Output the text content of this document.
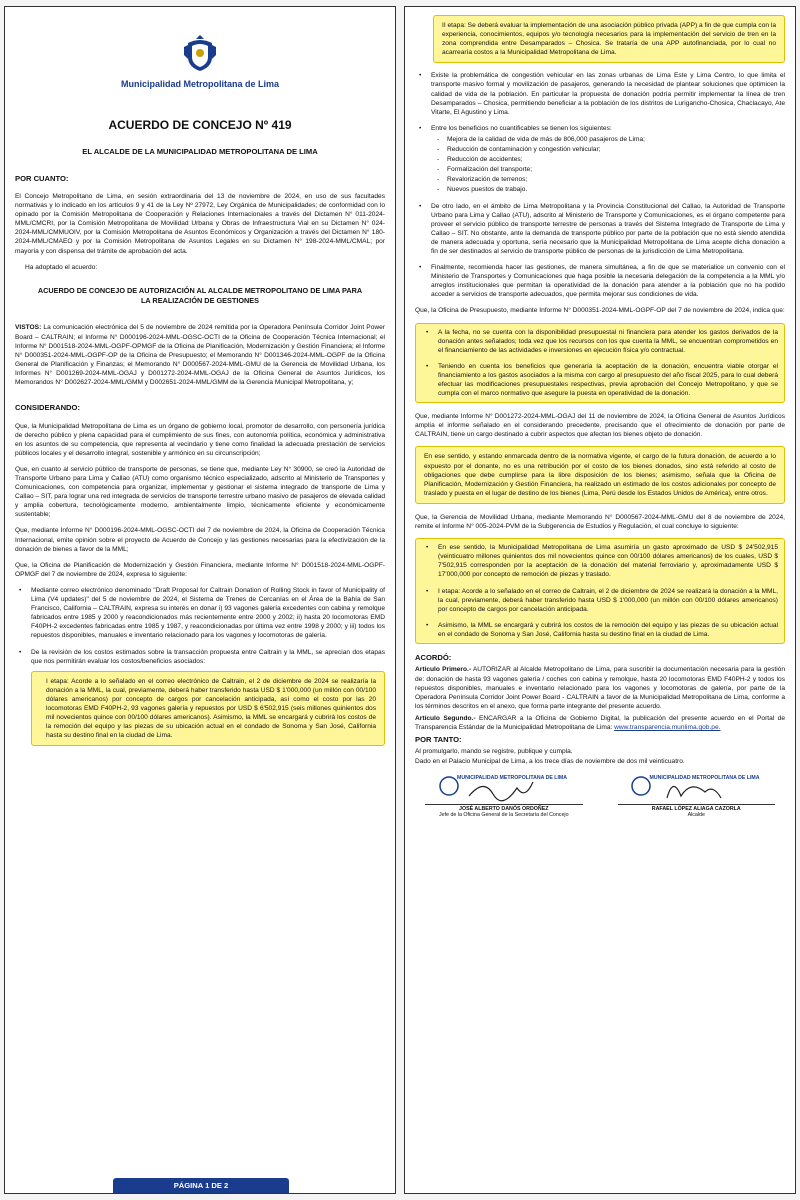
Municipalidad Metropolitana de Lima
ACUERDO DE CONCEJO Nº 419
EL ALCALDE DE LA MUNICIPALIDAD METROPOLITANA DE LIMA
POR CUANTO:

El Concejo Metropolitano de Lima, en sesión extraordinaria del 13 de noviembre de 2024, en uso de sus facultades normativas y lo indicado en los artículos 9 y 41 de la Ley Nº 27972, Ley Orgánica de Municipalidades; de conformidad con lo opinado por la Comisión Metropolitana de Cooperación y Relaciones Internacionales a través del Dictamen N° 011-2024-MML/CMCRI, por la Comisión Metropolitana de Movilidad Urbana y Obras de Infraestructura Vial en su Dictamen N° 024-2024-MML/CMMUOIV, por la Comisión Metropolitana de Asuntos Económicos y Organización a través del Dictamen N° 180-2024-MML/CMAEO y por la Comisión Metropolitana de Asuntos Legales en su Dictamen N° 198-2024-MML/CMAL; por mayoría y con dispensa del trámite de aprobación del acta.

Ha adoptado el acuerdo:

ACUERDO DE CONCEJO DE AUTORIZACIÓN AL ALCALDE METROPOLITANO DE LIMA PARA LA REALIZACIÓN DE GESTIONES

VISTOS: La comunicación electrónica del 5 de noviembre de 2024 remitida por la Operadora Península Corridor Joint Power Board – CALTRAIN; el Informe N° D000196-2024-MML-OGSC-OCTI de la Oficina de Cooperación Técnica Internacional; el Informe N° D001518-2024-MML-OGPF-OPMGF de la Oficina de Planificación, Modernización y Gestión Financiera; el Informe N° D000351-2024-MML-OGPF-OP de la Oficina de Presupuesto; el Memorando N° D001346-2024-MML-OGPF de la Oficina General de Planificación y Finanzas; el Memorando N° D000567-2024-MML-GMU de la Gerencia de Movilidad Urbana, los Informes N° D001269-2024-MML-OGAJ y D001272-2024-MML-OGAJ de la Oficina General de Asuntos Jurídicos, los Memorandos N° D002627-2024-MML/GMM y D002651-2024-MML/GMM de la Gerencia Municipal Metropolitana, y;

CONSIDERANDO:

Que, la Municipalidad Metropolitana de Lima es un órgano de gobierno local, promotor de desarrollo, con personería jurídica de derecho público y plena capacidad para el cumplimiento de sus fines, con autonomía política, económica y administrativa en los asuntos de su competencia, que representa al vecindario y tiene como finalidad la adecuada prestación de servicios públicos locales y el desarrollo integral, sostenible y armónico en su circunscripción;

Que, en cuanto al servicio público de transporte de personas, se tiene que, mediante Ley N° 30900, se creó la Autoridad de Transporte Urbano para Lima y Callao (ATU) como organismo técnico especializado, adscrito al Ministerio de Transportes y Comunicaciones, con competencia para organizar, implementar y gestionar el sistema integrado de transporte de Lima y Callao – SIT, para lograr una red integrada de servicios de transporte terrestre urbano masivo de pasajeros de elevada calidad y amplia cobertura, tecnológicamente moderno, ambientalmente limpio, técnicamente eficiente y económicamente sustentable;

Que, mediante Informe N° D000196-2024-MML-OGSC-OCTI del 7 de noviembre de 2024, la Oficina de Cooperación Técnica Internacional, emite opinión sobre el proyecto de Acuerdo de Concejo y las gestiones necesarias para la efectivización de la donación de bienes a favor de la MML;

Que, la Oficina de Planificación de Modernización y Gestión Financiera, mediante Informe N° D001518-2024-MML-OGPF-OPMGF del 7 de noviembre de 2024, expresa lo siguiente:

• Mediante correo electrónico denominado "Draft Proposal for Caltrain Donation of Rolling Stock in favor of Municipality of Lima (V4 updates)" del 5 de noviembre de 2024, el Sistema de Trenes de Cercanías en el Área de la Bahía de San Francisco, California – CALTRAIN, expresa su interés en donar i) 93 vagones galería excedentes con cabina y remolque fabricados entre 1985 y 2000 y reacondicionados más recientemente entre 2000 y 2002; ii) hasta 20 locomotoras EMD F40PH-2 excedentes fabricadas entre 1985 y 1987, y reacondicionadas por última vez entre 1998 y 2000; y iii) todos los repuestos disponibles, manuales e inventario relacionado para los vagones y locomotoras de galería.
• De la revisión de los costos estimados sobre la transacción propuesta entre Caltrain y la MML, se aprecian dos etapas que nos permitirán evaluar los costos/beneficios asociados:
I etapa: Acorde a lo señalado en el correo electrónico de Caltrain, el 2 de diciembre de 2024 se realizaría la donación a la MML, la cual, previamente, deberá haber transferido hasta USD $ 1'000,000 (un millón con 00/100 dólares americanos) por concepto de cargos por cancelación anticipada, así como el costo por las 20 locomotoras EMD F40PH-2, 93 vagones galería y repuestos por USD $ 6'502,915 (seis millones quinientos dos mil novecientos quince con 00/100 dólares americanos). Asimismo, la MML se encargará y cubrirá los costos de la remoción del equipo y las piezas de su ubicación actual en el condado de Sonoma y San José, California hasta su destino final en la ciudad de Lima.
PÁGINA 1 DE 2
II etapa: Se deberá evaluar la implementación de una asociación público privada (APP) a fin de que cumpla con la experiencia, conocimientos, equipos y/o tecnología necesarios para la implementación del servicio de tren en la zona comprendida entre Desamparados – Chosica. Se trataría de una APP autofinanciada, por lo cual no acarrearía costos a la Municipalidad Metropolitana de Lima.
• Existe la problemática de congestión vehicular en las zonas urbanas de Lima Este y Lima Centro, lo que limita el transporte masivo formal y movilización de pasajeros, generando la necesidad de plantear soluciones que optimicen la calidad de vida de la población. En particular la propuesta de donación podría permitir implementar la línea de tren Desamparados – Chosica, permitiendo beneficiar a la población de los distritos de Lurigancho-Chosica, Chaclacayo, Ate Vitarte, El Agustino y Lima.
• Entre los beneficios no cuantificables se tienen los siguientes:
- Mejora de la calidad de vida de más de 806,000 pasajeros de Lima;
- Reducción de contaminación y congestión vehicular;
- Reducción de accidentes;
- Formalización del transporte;
- Revalorización de terrenos;
- Nuevos puestos de trabajo.
• De otro lado, en el ámbito de Lima Metropolitana y la Provincia Constitucional del Callao, la Autoridad de Transporte Urbano para Lima y Callao (ATU), adscrito al Ministerio de Transporte y Comunicaciones, es el órgano competente para proveer el servicio público de transporte terrestre de personas a través del Sistema Integrado de Transporte de Lima y Callao – SIT. No obstante, ante la demanda de transporte público por parte de la población que no está siendo atendida de manera adecuada y oportuna, sería necesario que la Municipalidad Metropolitana de Lima acepte dicha donación a fin de ser destinados al servicio de transporte público de personas de la jurisdicción de Lima Metropolitana.
• Finalmente, recomienda hacer las gestiones, de manera simultánea, a fin de que se materialice un convenio con el Ministerio de Transportes y Comunicaciones que haga posible la necesaria delegación de la competencia a la MML y/o arreglos institucionales que permitan la operatividad de la donación para atender a la población que no ha podido acceder a servicios de transporte adecuados, que permita mejorar sus condiciones de vida.

Que, la Oficina de Presupuesto, mediante Informe N° D000351-2024-MML-OGPF-OP del 7 de noviembre de 2024, indica que:

• A la fecha, no se cuenta con la disponibilidad presupuestal ni financiera para atender los gastos derivados de la donación antes señalados; toda vez que los recursos con los que cuenta la MML, se encuentran comprometidos en el financiamiento de las actividades e inversiones en ejecución física y/o contractual.
• Teniendo en cuenta los beneficios que generaría la aceptación de la donación, encuentra viable otorgar el financiamiento a los gastos asociados a la misma con cargo al presupuesto del año fiscal 2025, para lo cual deberá efectuar las modificaciones presupuestales respectivas, previa aprobación del Concejo Metropolitano, y que se cumpla con el marco normativo que asegure la puesta en operatividad de la donación.

Que, mediante Informe N° D001272-2024-MML-OGAJ del 11 de noviembre de 2024, la Oficina General de Asuntos Jurídicos amplía el informe señalado en el considerando precedente, precisando que el ofrecimiento de donación por parte de CALTRAIN, tiene un cargo destinado a cubrir aspectos que afectan los bienes objeto de donación.

En ese sentido, y estando enmarcada dentro de la normativa vigente, el cargo de la futura donación, de acuerdo a lo expuesto por el donante, no es una retribución por el costo de los bienes donados, sino está referido al costo de obligaciones que debe cumplirse para la libre disposición de los bienes; asimismo, señala que la Oficina de Planificación, Modernización y Gestión Financiera, ha realizado un estimado de los costos adicionales por concepto de traslado y puesta en el lugar de destino de los bienes (Lima, Perú desde los Estados Unidos de América), entre otros.

Que, la Gerencia de Movilidad Urbana, mediante Memorando N° D000567-2024-MML-GMU del 8 de noviembre de 2024, remite el Informe N° 005-2024-PVM de la Subgerencia de Estudios y Regulación, el cual concluye lo siguiente:

• En ese sentido, la Municipalidad Metropolitana de Lima asumiría un gasto aproximado de USD $ 24'502,915 (veinticuatro millones quinientos dos mil novecientos quince con 00/100 dólares americanos) de los cuales, USD $ 7'502,915 corresponden por la aceptación de la donación del material ferroviario y, aproximadamente USD $ 17'000,000 por concepto de remoción de piezas y traslado.
• I etapa: Acorde a lo señalado en el correo de Caltrain, el 2 de diciembre de 2024 se realizará la donación a la MML, la cual, previamente, deberá haber transferido hasta USD $ 1'000,000 (un millón con 00/100 dólares americanos) por concepto de cargos por cancelación anticipada.
• Asimismo, la MML se encargará y cubrirá los costos de la remoción del equipo y las piezas de su ubicación actual en el condado de Sonoma y San José, California hasta su destino final en la ciudad de Lima.
ACORDÓ:

Artículo Primero.- AUTORIZAR al Alcalde Metropolitano de Lima, para suscribir la documentación necesaria para la gestión de: donación de hasta 93 vagones galería / coches con cabina y remolque, hasta 20 locomotoras EMD F40PH-2 y todos los repuestos disponibles, manuales e inventario relacionado para los vagones y locomotoras de galería, por parte de la Operadora Península Corridor Joint Power Board - CALTRAIN a favor de la Municipalidad Metropolitana de Lima, conforme a los términos descritos en el anexo, que forma parte integrante del presente acuerdo.

Artículo Segundo.- ENCARGAR a la Oficina de Gobierno Digital, la publicación del presente acuerdo en el Portal de Transparencia Estándar de la Municipalidad Metropolitana de Lima: www.transparencia.munlima.gob.pe.

POR TANTO:

Al promulgarlo, mando se registre, publique y cumpla.

Dado en el Palacio Municipal de Lima, a los trece días de noviembre de dos mil veinticuatro.

MUNICIPALIDAD METROPOLITANA DE LIMA
JOSÉ ALBERTO DANÓS ORDOÑEZ
Jefe de la Oficina General de la Secretaría del Concejo
MUNICIPALIDAD METROPOLITANA DE LIMA
RAFAEL LÓPEZ ALIAGA CAZORLA
Alcalde
